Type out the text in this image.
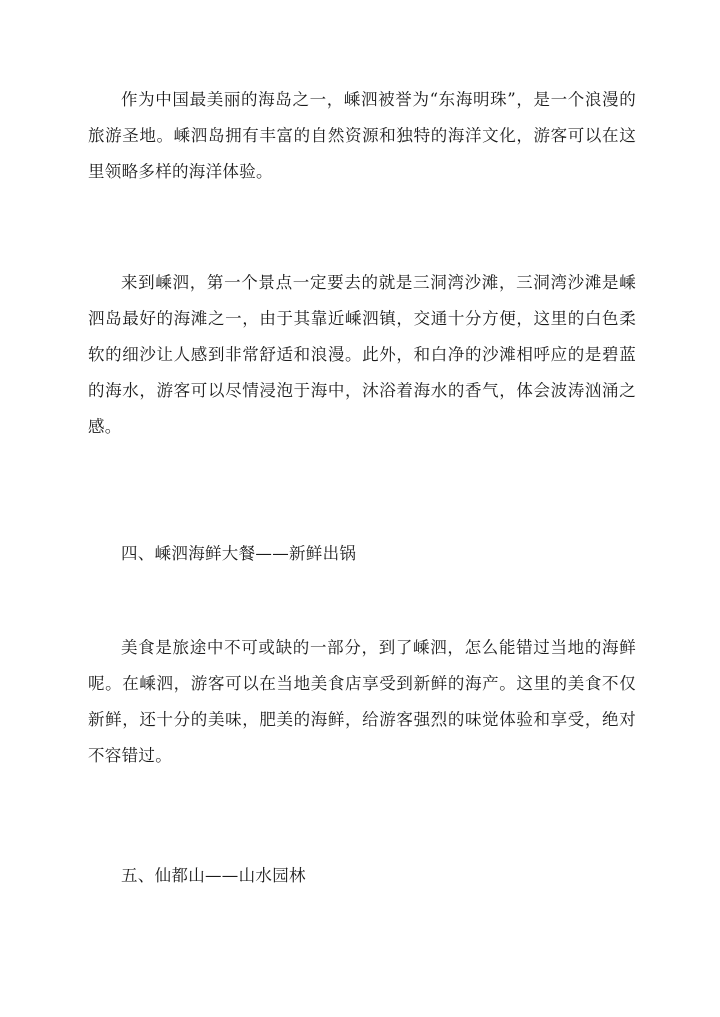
作为中国最美丽的海岛之一，嵊泗被誉为“东海明珠”，是一个浪漫的旅游圣地。嵊泗岛拥有丰富的自然资源和独特的海洋文化，游客可以在这里领略多样的海洋体验。

来到嵊泗，第一个景点一定要去的就是三洞湾沙滩，三洞湾沙滩是嵊泗岛最好的海滩之一，由于其靠近嵊泗镇，交通十分方便，这里的白色柔软的细沙让人感到非常舒适和浪漫。此外，和白净的沙滩相呼应的是碧蓝的海水，游客可以尽情浸泡于海中，沐浴着海水的香气，体会波涛汹涌之感。

四、嵊泗海鲜大餐——新鲜出锅

美食是旅途中不可或缺的一部分，到了嵊泗，怎么能错过当地的海鲜呢。在嵊泗，游客可以在当地美食店享受到新鲜的海产。这里的美食不仅新鲜，还十分的美味，肥美的海鲜，给游客强烈的味觉体验和享受，绝对不容错过。

五、仙都山——山水园林
